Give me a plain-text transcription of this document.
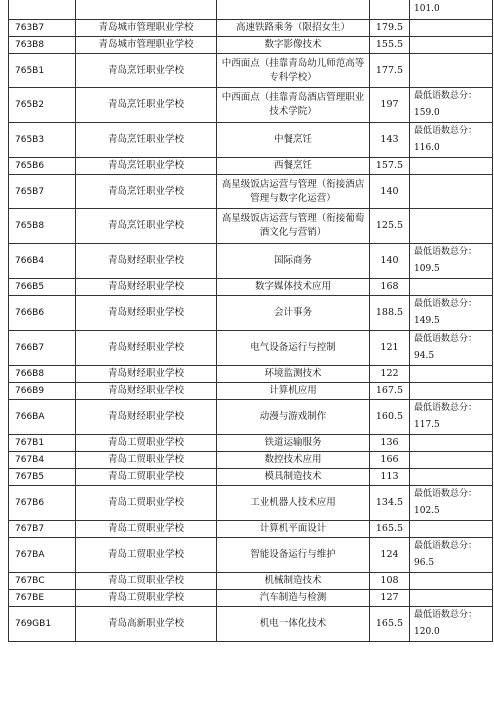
				101.0
763B7	青岛城市管理职业学校	高速铁路乘务（限招女生）	179.5	
763B8	青岛城市管理职业学校	数字影像技术	155.5	
765B1	青岛烹饪职业学校	中西面点（挂靠青岛幼儿师范高等专科学校）	177.5	
765B2	青岛烹饪职业学校	中西面点（挂靠青岛酒店管理职业技术学院）	197	最低语数总分：159.0
765B3	青岛烹饪职业学校	中餐烹饪	143	最低语数总分：116.0
765B6	青岛烹饪职业学校	西餐烹饪	157.5	
765B7	青岛烹饪职业学校	高星级饭店运营与管理（衔接酒店管理与数字化运营）	140	
765B8	青岛烹饪职业学校	高星级饭店运营与管理（衔接葡萄酒文化与营销）	125.5	
766B4	青岛财经职业学校	国际商务	140	最低语数总分：109.5
766B5	青岛财经职业学校	数字媒体技术应用	168	
766B6	青岛财经职业学校	会计事务	188.5	最低语数总分：149.5
766B7	青岛财经职业学校	电气设备运行与控制	121	最低语数总分：94.5
766B8	青岛财经职业学校	环境监测技术	122	
766B9	青岛财经职业学校	计算机应用	167.5	
766BA	青岛财经职业学校	动漫与游戏制作	160.5	最低语数总分：117.5
767B1	青岛工贸职业学校	铁道运输服务	136	
767B4	青岛工贸职业学校	数控技术应用	166	
767B5	青岛工贸职业学校	模具制造技术	113	
767B6	青岛工贸职业学校	工业机器人技术应用	134.5	最低语数总分：102.5
767B7	青岛工贸职业学校	计算机平面设计	165.5	
767BA	青岛工贸职业学校	智能设备运行与维护	124	最低语数总分：96.5
767BC	青岛工贸职业学校	机械制造技术	108	
767BE	青岛工贸职业学校	汽车制造与检测	127	
769GB1	青岛高新职业学校	机电一体化技术	165.5	最低语数总分：120.0
